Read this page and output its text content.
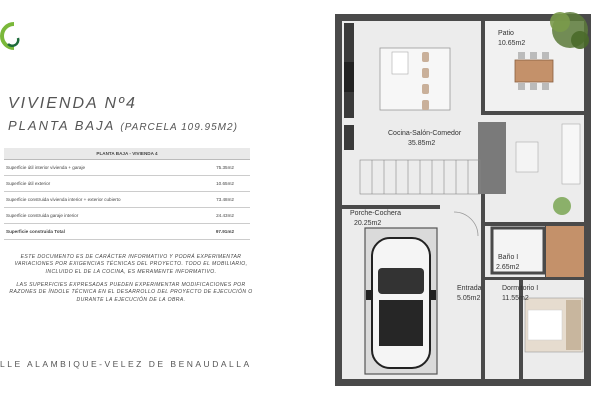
VIVIENDA Nº4
PLANTA BAJA (PARCELA 109.95M2)
PLANTA BAJA - VIVIENDA 4	
Superficie útil interior vivienda + garaje	75.35m2
Superficie útil exterior	10.65m2
Superficie construida vivienda interior + exterior cubierto	73.48m2
Superficie construida garaje interior	24.43m2
Superficie construida Total	97.91m2
ESTE DOCUMENTO ES DE CARÁCTER INFORMATIVO Y PODRÁ EXPERIMENTAR VARIACIONES POR EXIGENCIAS TÉCNICAS DEL PROYECTO. TODO EL MOBILIARIO, INCLUIDO EL DE LA COCINA, ES MERAMENTE INFORMATIVO.
LAS SUPERFICIES EXPRESADAS PUEDEN EXPERIMENTAR MODIFICACIONES POR RAZONES DE ÍNDOLE TÉCNICA EN EL DESARROLLO DEL PROYECTO DE EJECUCIÓN O DURANTE LA EJECUCIÓN DE LA OBRA.
LLE ALAMBIQUE-VELEZ DE BENAUDALLA
Patio
10.65m2
Cocina-Salón-Comedor
35.85m2
Porche-Cochera
20.25m2
Baño I
2.65m2
Entrada
5.05m2
Dormitorio I
11.55m2
